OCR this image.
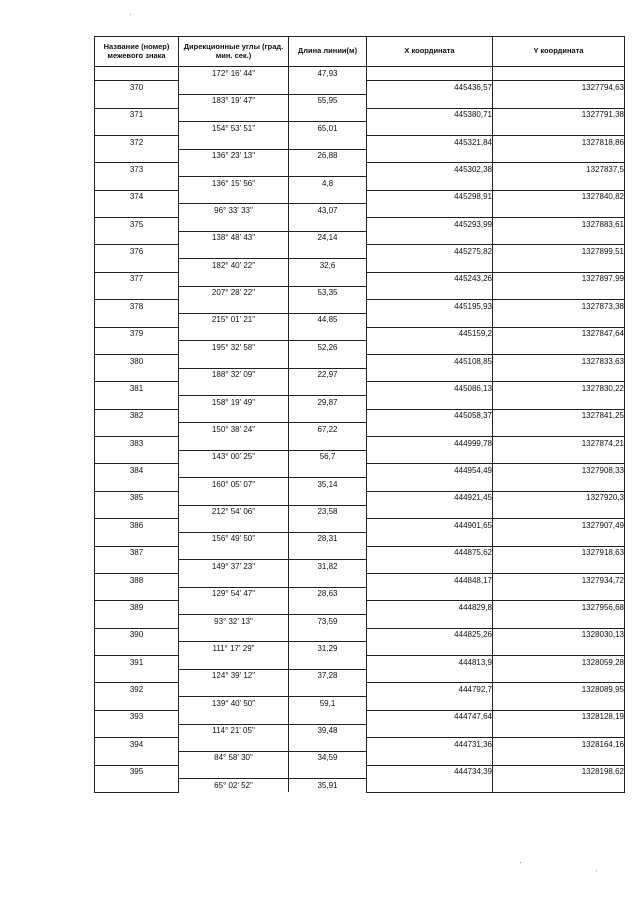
Название (номер) межевого знака	Дирекционные углы (град. мин. сек.)	Длина линии(м)	X координата	Y координата
	172° 16' 44"	47,93		
370			445436,57	1327794,63
	183° 19' 47"	55,95		
371			445380,71	1327791,38
	154° 53' 51"	65,01		
372			445321,84	1327818,86
	136° 23' 13"	26,88		
373			445302,38	1327837,5
	136° 15' 56"	4,8		
374			445298,91	1327840,82
	96° 33' 33"	43,07		
375			445293,99	1327883,61
	138° 48' 43"	24,14		
376			445275,82	1327899,51
	182° 40' 22"	32,6		
377			445243,26	1327897,99
	207° 28' 22"	53,35		
378			445195,93	1327873,38
	215° 01' 21"	44,85		
379			445159,2	1327847,64
	195° 32' 58"	52,26		
380			445108,85	1327833,63
	188° 32' 09"	22,97		
381			445086,13	1327830,22
	158° 19' 49"	29,87		
382			445058,37	1327841,25
	150° 38' 24"	67,22		
383			444999,78	1327874,21
	143° 00' 25"	56,7		
384			444954,49	1327908,33
	160° 05' 07"	35,14		
385			444921,45	1327920,3
	212° 54' 06"	23,58		
386			444901,65	1327907,49
	156° 49' 50"	28,31		
387			444875,62	1327918,63
	149° 37' 23"	31,82		
388			444848,17	1327934,72
	129° 54' 47"	28,63		
389			444829,8	1327956,68
	93° 32' 13"	73,59		
390			444825,26	1328030,13
	111° 17' 29"	31,29		
391			444813,9	1328059,28
	124° 39' 12"	37,28		
392			444792,7	1328089,95
	139° 40' 50"	59,1		
393			444747,64	1328128,19
	114° 21' 05"	39,48		
394			444731,36	1328164,16
	84° 58' 30"	34,59		
395			444734,39	1328198,62
	65° 02' 52"	35,91		
